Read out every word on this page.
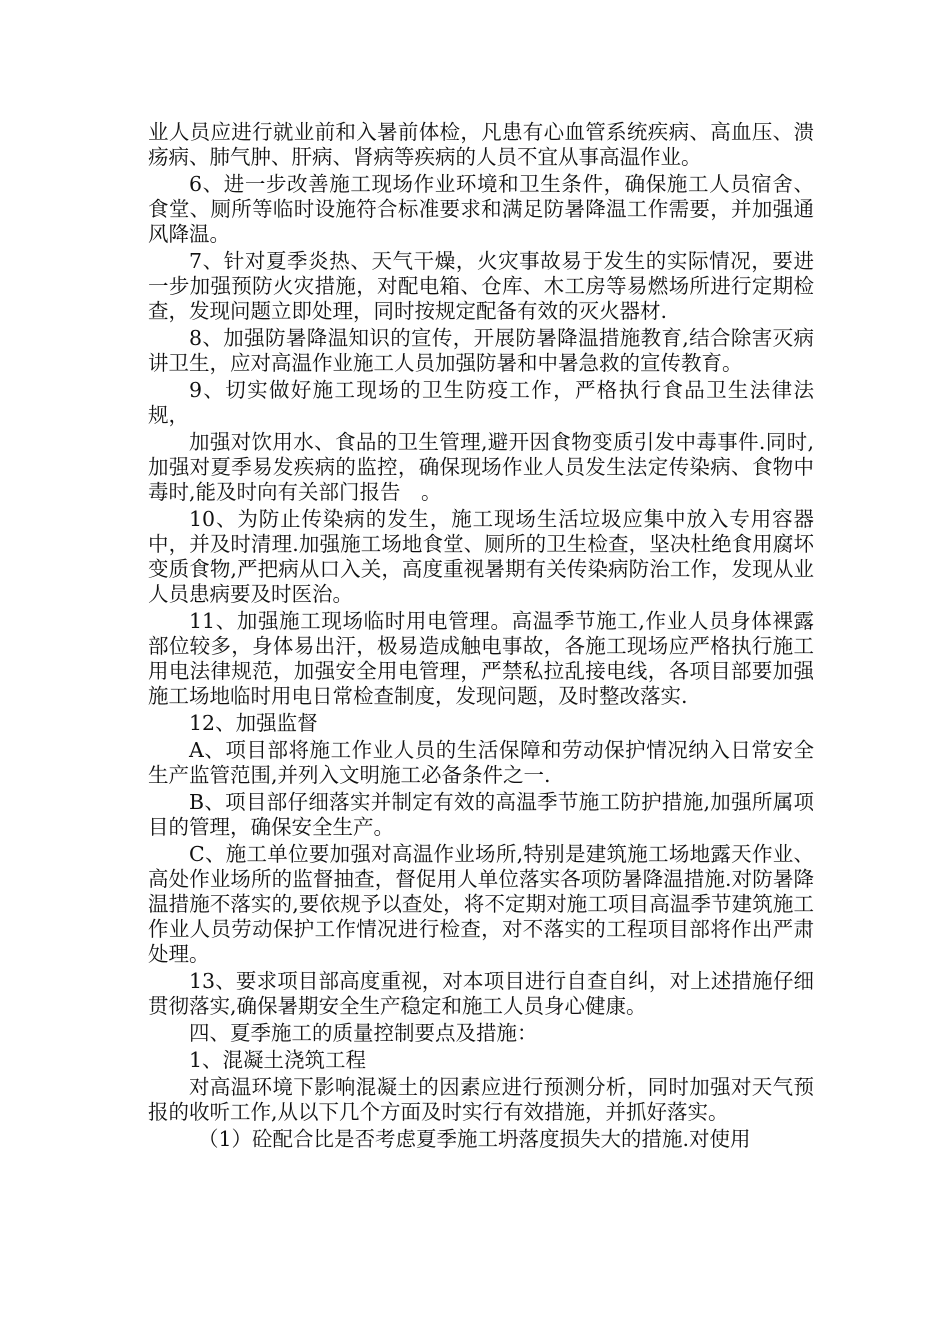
业人员应进行就业前和入暑前体检，凡患有心血管系统疾病、高血压、溃疡病、肺气肿、肝病、肾病等疾病的人员不宜从事高温作业。

6、进一步改善施工现场作业环境和卫生条件，确保施工人员宿舍、食堂、厕所等临时设施符合标准要求和满足防暑降温工作需要，并加强通风降温。

7、针对夏季炎热、天气干燥，火灾事故易于发生的实际情况，要进一步加强预防火灾措施，对配电箱、仓库、木工房等易燃场所进行定期检查，发现问题立即处理，同时按规定配备有效的灭火器材.

8、加强防暑降温知识的宣传，开展防暑降温措施教育,结合除害灭病讲卫生，应对高温作业施工人员加强防暑和中暑急救的宣传教育。

9、切实做好施工现场的卫生防疫工作，严格执行食品卫生法律法规，

加强对饮用水、食品的卫生管理,避开因食物变质引发中毒事件.同时,加强对夏季易发疾病的监控，确保现场作业人员发生法定传染病、食物中毒时,能及时向有关部门报告　。

10、为防止传染病的发生，施工现场生活垃圾应集中放入专用容器中，并及时清理.加强施工场地食堂、厕所的卫生检查，坚决杜绝食用腐坏变质食物,严把病从口入关，高度重视暑期有关传染病防治工作，发现从业人员患病要及时医治。

11、加强施工现场临时用电管理。高温季节施工,作业人员身体裸露部位较多，身体易出汗，极易造成触电事故，各施工现场应严格执行施工用电法律规范，加强安全用电管理，严禁私拉乱接电线，各项目部要加强施工场地临时用电日常检查制度，发现问题，及时整改落实.

12、加强监督

A、项目部将施工作业人员的生活保障和劳动保护情况纳入日常安全生产监管范围,并列入文明施工必备条件之一.

B、项目部仔细落实并制定有效的高温季节施工防护措施,加强所属项目的管理，确保安全生产。

C、施工单位要加强对高温作业场所,特别是建筑施工场地露天作业、高处作业场所的监督抽查，督促用人单位落实各项防暑降温措施.对防暑降温措施不落实的,要依规予以查处，将不定期对施工项目高温季节建筑施工作业人员劳动保护工作情况进行检查，对不落实的工程项目部将作出严肃处理。

13、要求项目部高度重视，对本项目进行自查自纠，对上述措施仔细贯彻落实,确保暑期安全生产稳定和施工人员身心健康。

四、夏季施工的质量控制要点及措施：

1、混凝土浇筑工程

对高温环境下影响混凝土的因素应进行预测分析，同时加强对天气预报的收听工作,从以下几个方面及时实行有效措施，并抓好落实。

（1）砼配合比是否考虑夏季施工坍落度损失大的措施.对使用
